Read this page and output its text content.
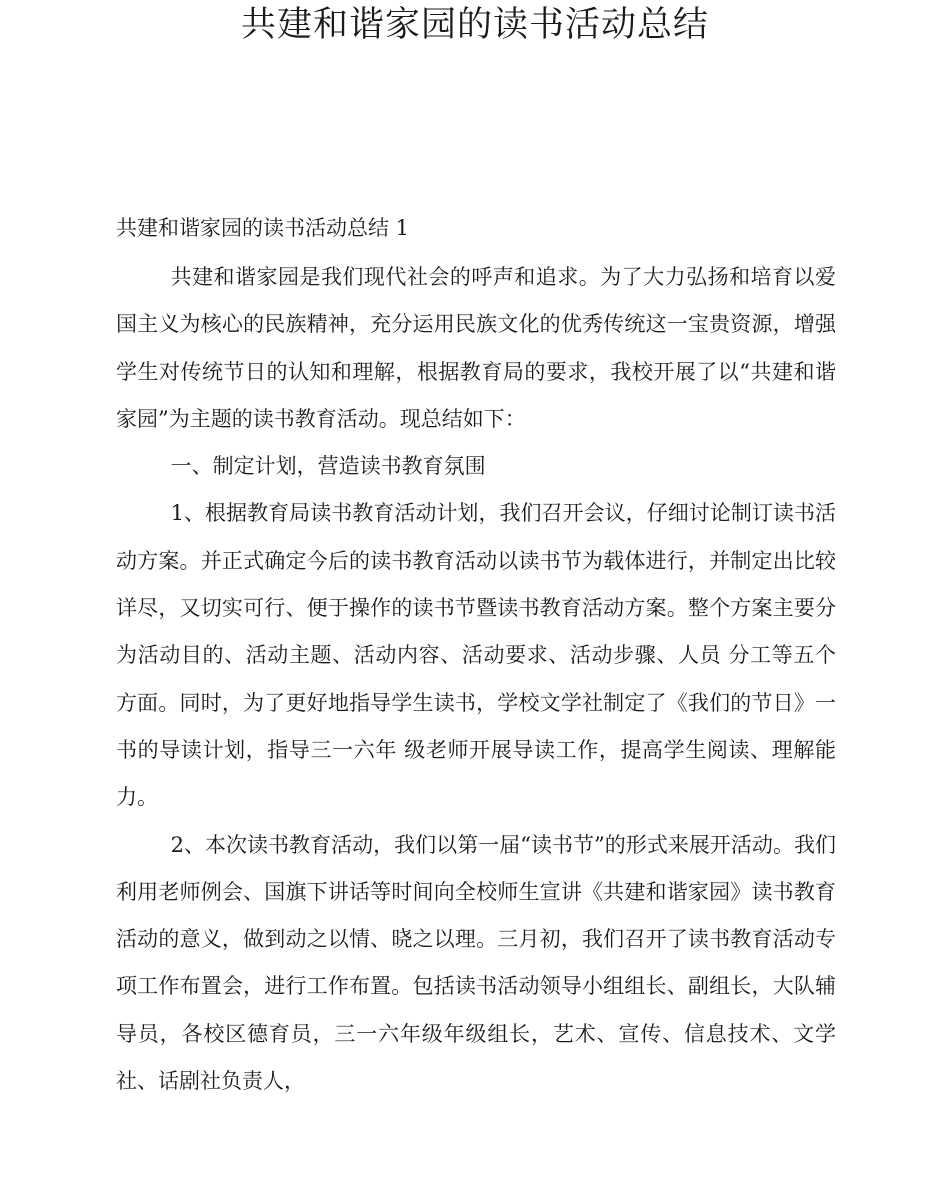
共建和谐家园的读书活动总结
共建和谐家园的读书活动总结 1

共建和谐家园是我们现代社会的呼声和追求。为了大力弘扬和培育以爱国主义为核心的民族精神，充分运用民族文化的优秀传统这一宝贵资源，增强学生对传统节日的认知和理解，根据教育局的要求，我校开展了以“共建和谐家园”为主题的读书教育活动。现总结如下：

一、制定计划，营造读书教育氛围

1、根据教育局读书教育活动计划，我们召开会议，仔细讨论制订读书活动方案。并正式确定今后的读书教育活动以读书节为载体进行，并制定出比较详尽，又切实可行、便于操作的读书节暨读书教育活动方案。整个方案主要分为活动目的、活动主题、活动内容、活动要求、活动步骤、人员 分工等五个方面。同时，为了更好地指导学生读书，学校文学社制定了《我们的节日》一书的导读计划，指导三一六年 级老师开展导读工作，提高学生阅读、理解能力。

2、本次读书教育活动，我们以第一届“读书节”的形式来展开活动。我们利用老师例会、国旗下讲话等时间向全校师生宣讲《共建和谐家园》读书教育活动的意义，做到动之以情、晓之以理。三月初，我们召开了读书教育活动专项工作布置会，进行工作布置。包括读书活动领导小组组长、副组长，大队辅导员，各校区德育员，三一六年级年级组长，艺术、宣传、信息技术、文学社、话剧社负责人，
